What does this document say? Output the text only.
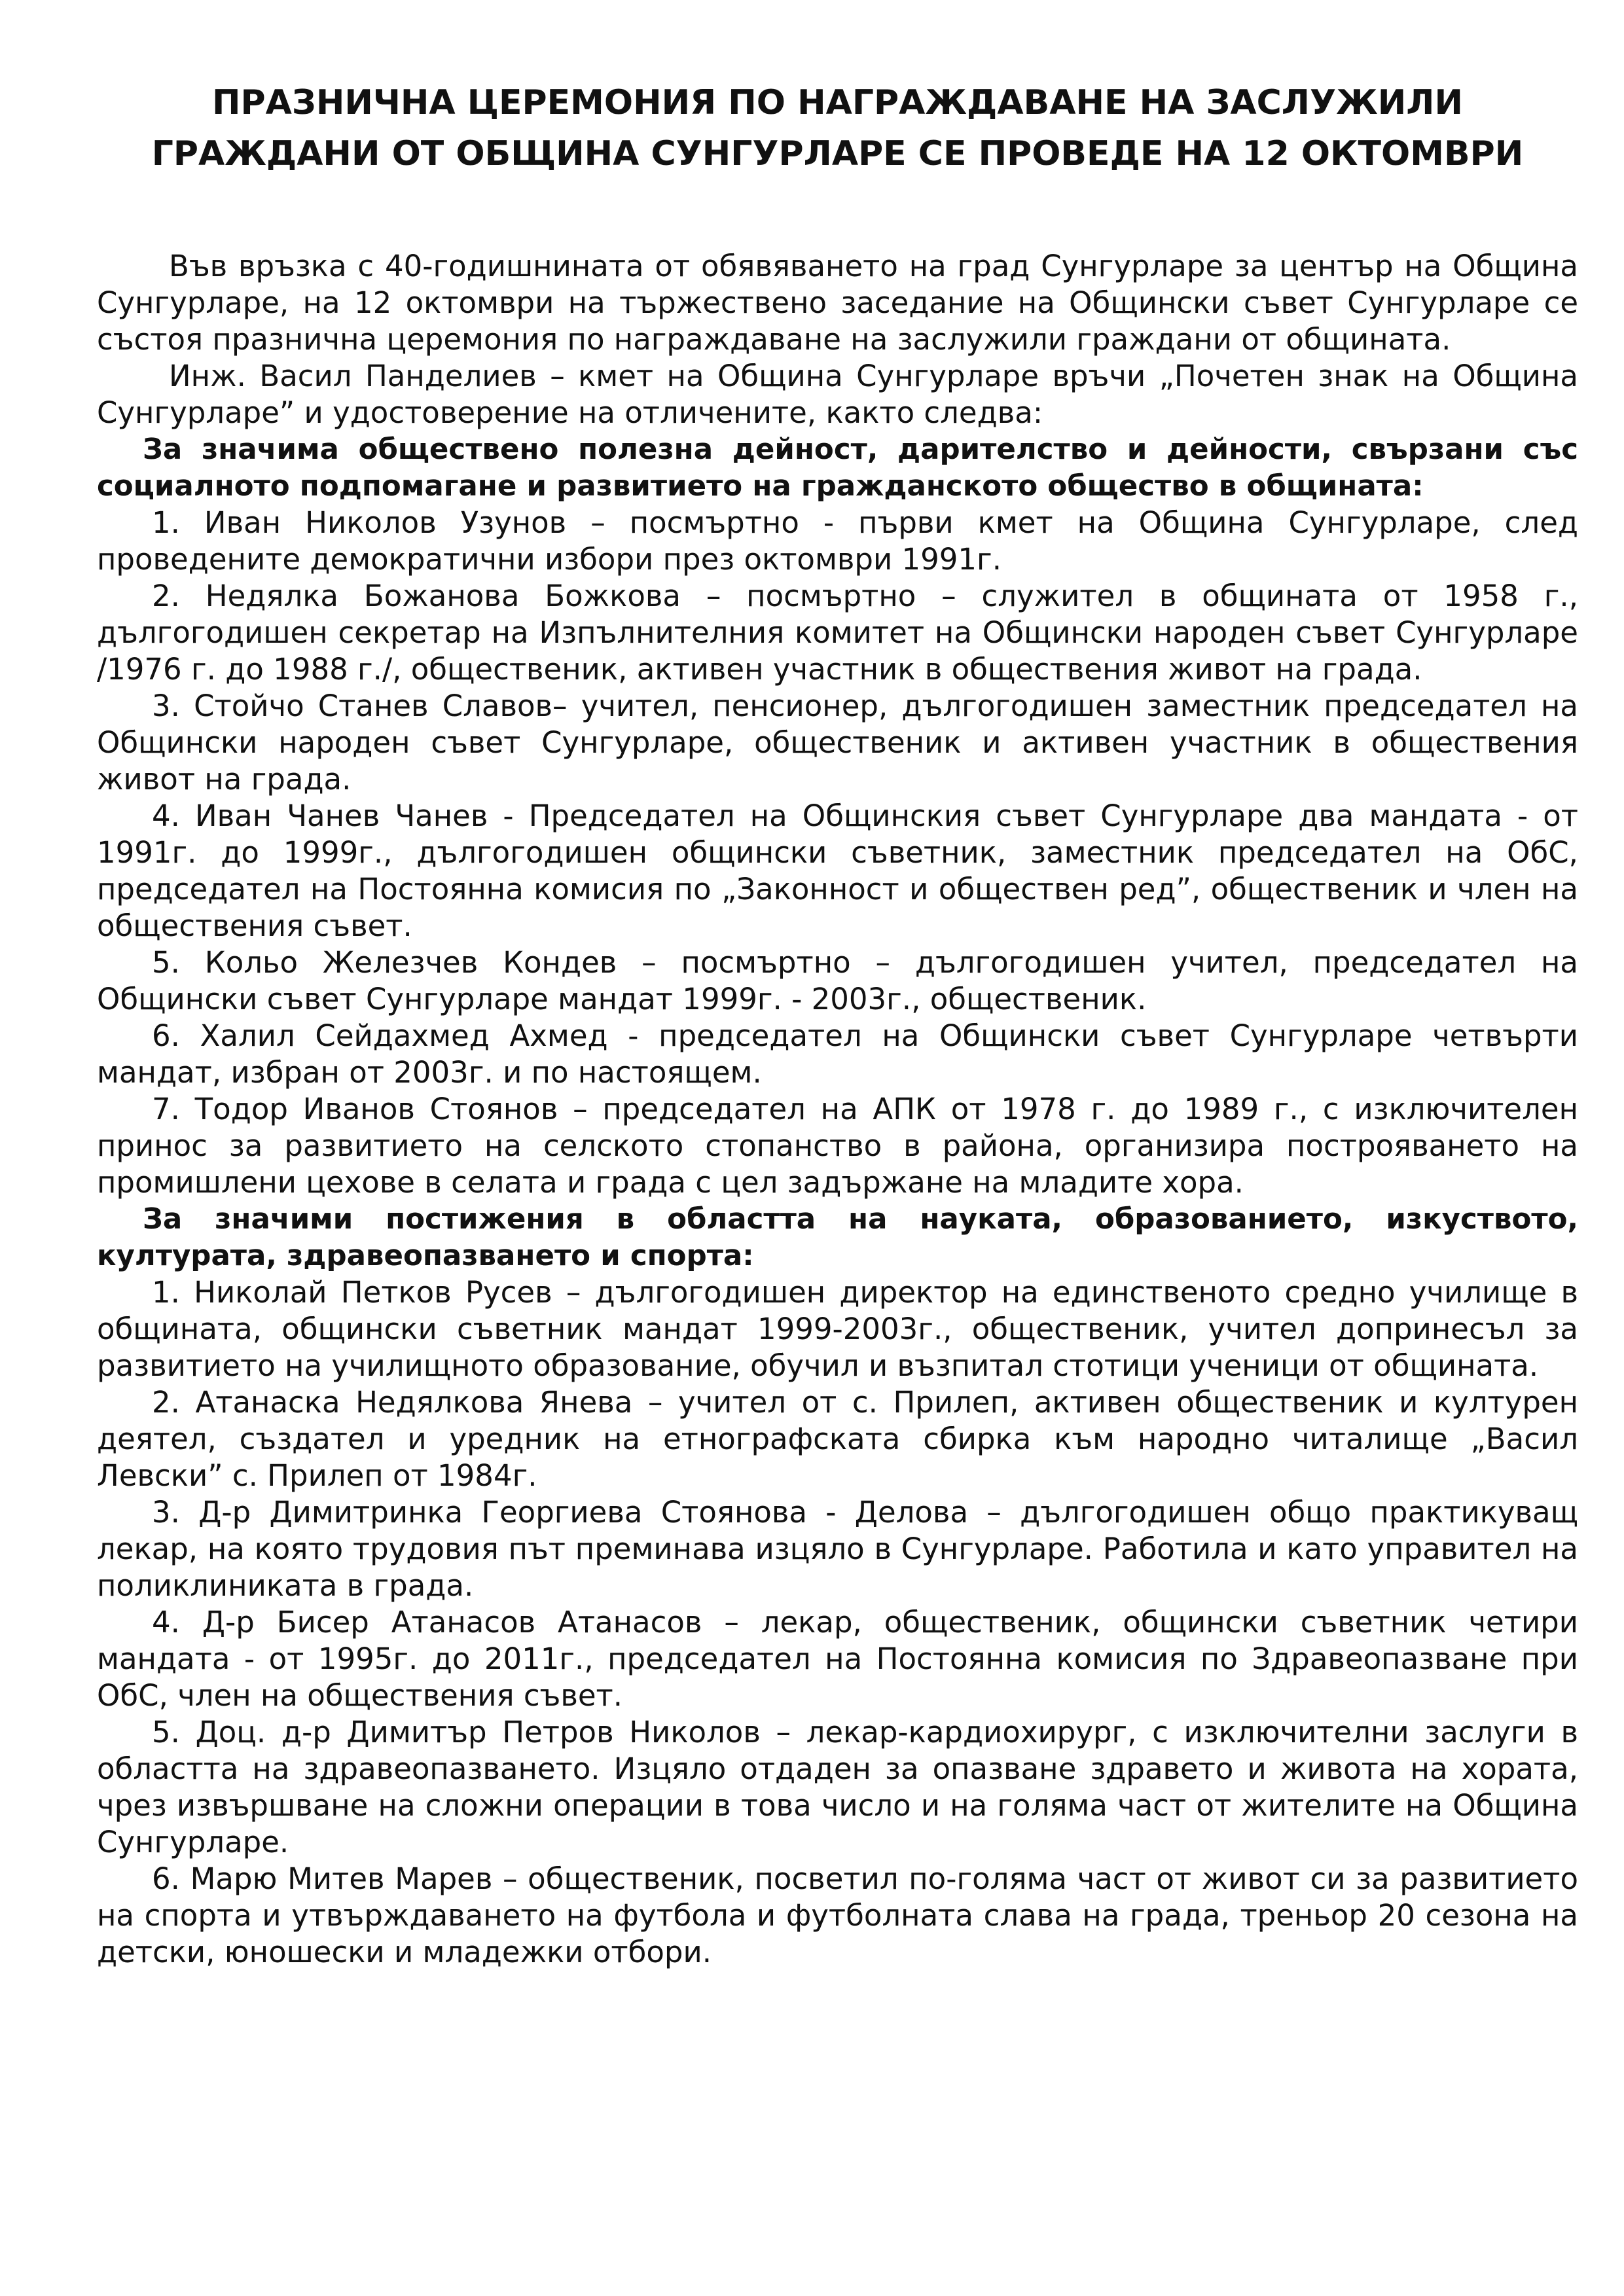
ПРАЗНИЧНА ЦЕРЕМОНИЯ ПО НАГРАЖДАВАНЕ НА ЗАСЛУЖИЛИ
ГРАЖДАНИ ОТ ОБЩИНА СУНГУРЛАРЕ СЕ ПРОВЕДЕ НА 12 ОКТОМВРИ

Във връзка с 40-годишнината от обявяването на град Сунгурларе за център на Община Сунгурларе, на 12 октомври на тържествено заседание на Общински съвет Сунгурларе се състоя празнична церемония по награждаване на заслужили граждани от общината.

Инж. Васил Панделиев – кмет на Община Сунгурларе връчи „Почетен знак на Община Сунгурларе” и удостоверение на отличените, както следва:

За значима обществено полезна дейност, дарителство и дейности, свързани със социалното подпомагане и развитието на гражданското общество в общината:

1. Иван Николов Узунов – посмъртно - първи кмет на Община Сунгурларе, след проведените демократични избори през октомври 1991г.

2. Недялка Божанова Божкова – посмъртно – служител в общината от 1958 г., дългогодишен секретар на Изпълнителния комитет на Общински народен съвет Сунгурларе /1976 г. до 1988 г./, общественик, активен участник в обществения живот на града.

3. Стойчо Станев Славов– учител, пенсионер, дългогодишен заместник председател на Общински народен съвет Сунгурларе, общественик и активен участник в обществения живот на града.

4. Иван Чанев Чанев - Председател на Общинския съвет Сунгурларе два мандата - от 1991г. до 1999г., дългогодишен общински съветник, заместник председател на ОбС, председател на Постоянна комисия по „Законност и обществен ред”, общественик и член на обществения съвет.

5. Кольо Железчев Кондев – посмъртно – дългогодишен учител, председател на Общински съвет Сунгурларе мандат 1999г. - 2003г., общественик.

6. Халил Сейдахмед Ахмед - председател на Общински съвет Сунгурларе четвърти мандат, избран от 2003г. и по настоящем.

7. Тодор Иванов Стоянов – председател на АПК от 1978 г. до 1989 г., с изключителен принос за развитието на селското стопанство в района, организира построяването на промишлени цехове в селата и града с цел задържане на младите хора.

За значими постижения в областта на науката, образованието, изкуството, културата, здравеопазването и спорта:

1. Николай Петков Русев – дългогодишен директор на единственото средно училище в общината, общински съветник мандат 1999-2003г., общественик, учител допринесъл за развитието на училищното образование, обучил и възпитал стотици ученици от общината.

2. Атанаска Недялкова Янева – учител от с. Прилеп, активен общественик и културен деятел, създател и уредник на етнографската сбирка към народно читалище „Васил Левски” с. Прилеп от 1984г.

3. Д-р Димитринка Георгиева Стоянова - Делова – дългогодишен общо практикуващ лекар, на която трудовия път преминава изцяло в Сунгурларе. Работила и като управител на поликлиниката в града.

4. Д-р Бисер Атанасов Атанасов – лекар, общественик, общински съветник четири мандата - от 1995г. до 2011г., председател на Постоянна комисия по Здравеопазване при ОбС, член на обществения съвет.

5. Доц. д-р Димитър Петров Николов – лекар-кардиохирург, с изключителни заслуги в областта на здравеопазването. Изцяло отдаден за опазване здравето и живота на хората, чрез извършване на сложни операции в това число и на голяма част от жителите на Община Сунгурларе.

6. Марю Митев Марев – общественик, посветил по-голяма част от живот си за развитието на спорта и утвърждаването на футбола и футболната слава на града, треньор 20 сезона на детски, юношески и младежки отбори.
